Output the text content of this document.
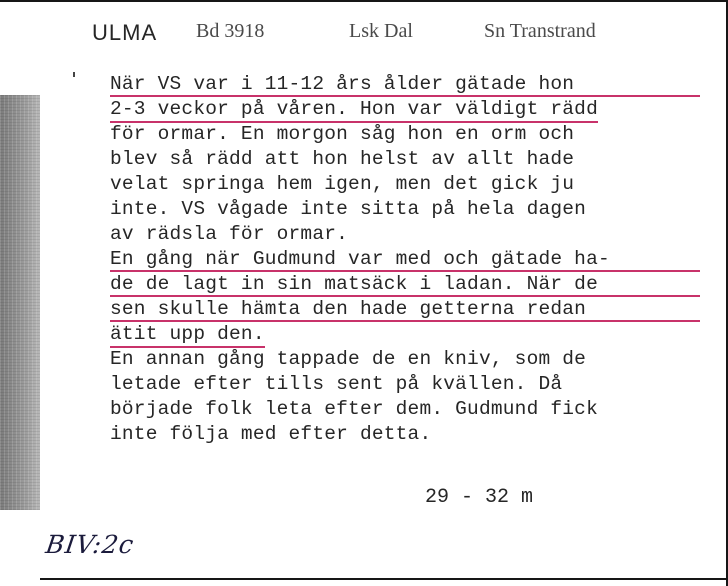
ULMA Bd 3918	Lsk Dal	Sn Transtrand
När VS var i 11-12 års ålder gätade hon
2-3 veckor på våren. Hon var väldigt rädd
för ormar. En morgon såg hon en orm och
blev så rädd att hon helst av allt hade
velat springa hem igen, men det gick ju
inte. VS vågade inte sitta på hela dagen
av rädsla för ormar.
En gång när Gudmund var med och gätade ha-
de de lagt in sin matsäck i ladan. När de
sen skulle hämta den hade getterna redan
ätit upp den.
En annan gång tappade de en kniv, som de
letade efter tills sent på kvällen. Då
började folk leta efter dem. Gudmund fick
inte följa med efter detta.
29 - 32 m
BIV:2c
